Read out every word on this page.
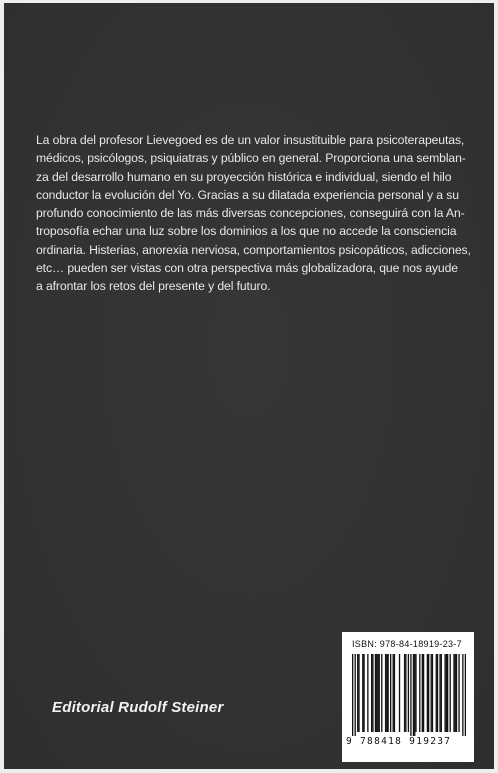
La obra del profesor Lievegoed es de un valor insustituible para psicoterapeutas,
médicos, psicólogos, psiquiatras y público en general. Proporciona una semblan-
za del desarrollo humano en su proyección histórica e individual, siendo el hilo
conductor la evolución del Yo. Gracias a su dilatada experiencia personal y a su
profundo conocimiento de las más diversas concepciones, conseguirá con la An-
troposofía echar una luz sobre los dominios a los que no accede la consciencia
ordinaria. Histerias, anorexia nerviosa, comportamientos psicopáticos, adicciones,
etc… pueden ser vistas con otra perspectiva más globalizadora, que nos ayude
a afrontar los retos del presente y del futuro.
Editorial Rudolf Steiner
ISBN: 978-84-18919-23-7
9 788418 919237
